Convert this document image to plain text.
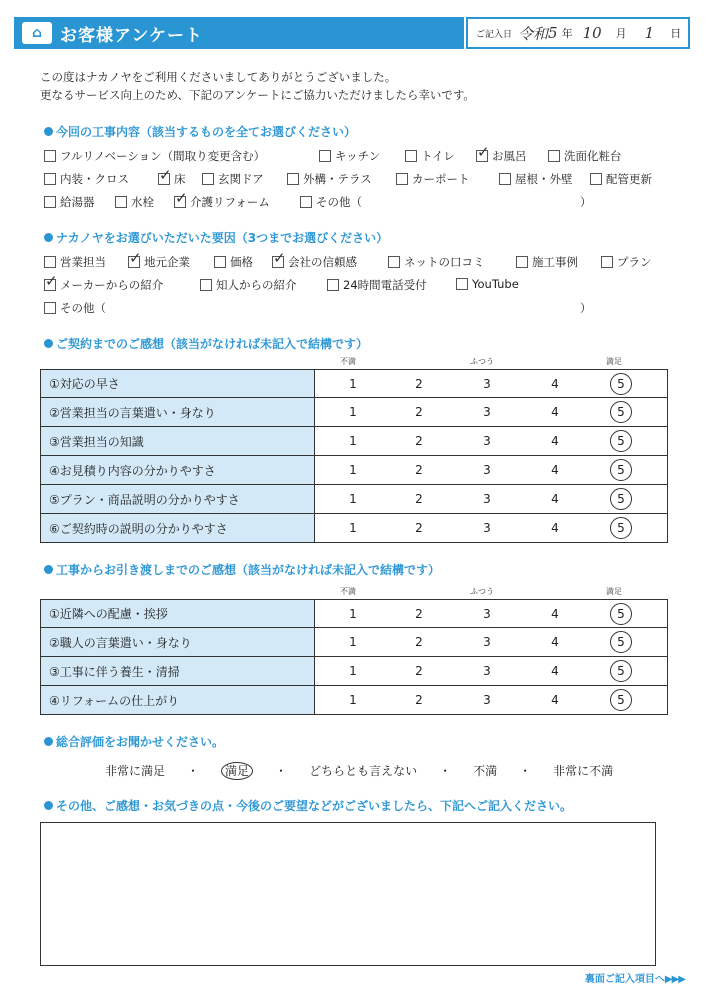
⌂	お客様アンケート	ご記入日 令和 5 年 10 月 1 日
この度はナカノヤをご利用くださいましてありがとうございました。
更なるサービス向上のため、下記のアンケートにご協力いただけましたら幸いです。
今回の工事内容（該当するものを全てお選びください）
フルリノベーション（間取り変更含む）	キッチン	トイレ ✓	お風呂	洗面化粧台
内装・クロス ✓	床	玄関ドア	外構・テラス	カーポート	屋根・外壁	配管更新
給湯器	水栓 ✓	介護リフォーム	その他（	）
ナカノヤをお選びいただいた要因（3つまでお選びください）
営業担当 ✓	地元企業	価格 ✓	会社の信頼感	ネットの口コミ	施工事例	プラン
✓
メーカーからの紹介	知人からの紹介	24時間電話受付	YouTube
その他（	）
ご契約までのご感想（該当がなければ未記入で結構です）
不満	ふつう	満足
①対応の早さ	1	2	3	4	5
②営業担当の言葉遣い・身なり	1	2	3	4	5
③営業担当の知識	1	2	3	4	5
④お見積り内容の分かりやすさ	1	2	3	4	5
⑤プラン・商品説明の分かりやすさ	1	2	3	4	5
⑥ご契約時の説明の分かりやすさ	1	2	3	4	5
工事からお引き渡しまでのご感想（該当がなければ未記入で結構です）
不満	ふつう	満足
①近隣への配慮・挨拶	1	2	3	4	5
②職人の言葉遣い・身なり	1	2	3	4	5
③工事に伴う養生・清掃	1	2	3	4	5
④リフォームの仕上がり	1	2	3	4	5
総合評価をお聞かせください。
非常に満足 ・ 満足 ・ どちらとも言えない ・ 不満 ・ 非常に不満
その他、ご感想・お気づきの点・今後のご要望などがございましたら、下記へご記入ください。
裏面ご記入項目へ▶▶▶
